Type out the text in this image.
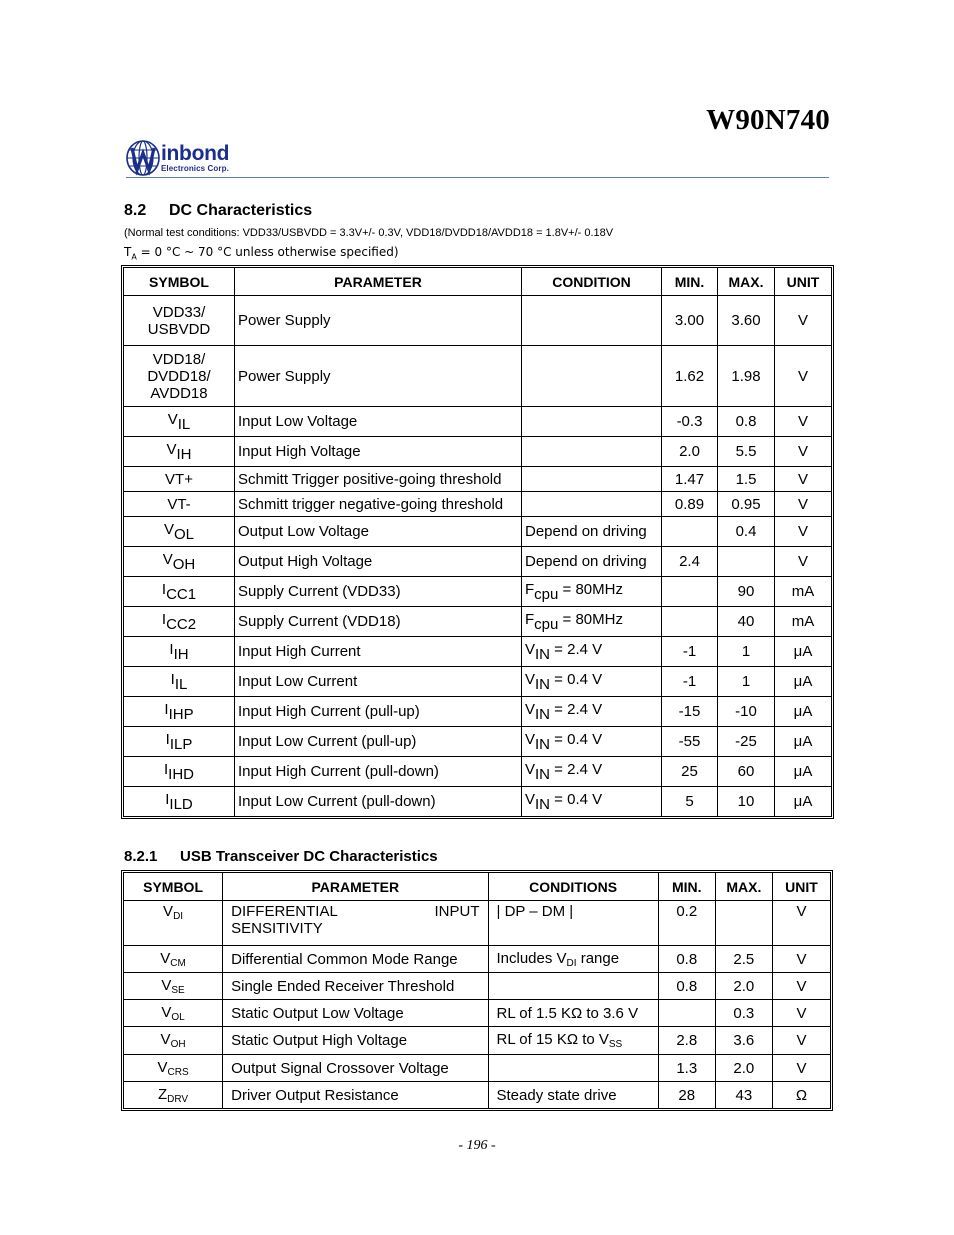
W90N740
inbond
Electronics Corp.
8.2 DC Characteristics
(Normal test conditions: VDD33/USBVDD = 3.3V+/- 0.3V, VDD18/DVDD18/AVDD18 = 1.8V+/- 0.18V
$T_A = 0$ °C ~ 70 °C unless otherwise specified)
SYMBOL	PARAMETER	CONDITION	MIN.	MAX.	UNIT
VDD33/
USBVDD	Power Supply		3.00	3.60	V
VDD18/
DVDD18/
AVDD18	Power Supply		1.62	1.98	V
$V_{IL}$	Input Low Voltage		-0.3	0.8	V
$V_{IH}$	Input High Voltage		2.0	5.5	V
VT+	Schmitt Trigger positive-going threshold		1.47	1.5	V
VT-	Schmitt trigger negative-going threshold		0.89	0.95	V
$V_{OL}$	Output Low Voltage	Depend on driving		0.4	V
$V_{OH}$	Output High Voltage	Depend on driving	2.4		V
$I_{CC1}$	Supply Current (VDD33)	$F_{cpu} = 80MHz$		90	mA
$I_{CC2}$	Supply Current (VDD18)	$F_{cpu} = 80MHz$		40	mA
$I_{IH}$	Input High Current	$V_{IN} = 2.4$ V	-1	1	μA
$I_{IL}$	Input Low Current	$V_{IN} = 0.4$ V	-1	1	μA
$I_{IHP}$	Input High Current (pull-up)	$V_{IN} = 2.4$ V	-15	-10	μA
$I_{ILP}$	Input Low Current (pull-up)	$V_{IN} = 0.4$ V	-55	-25	μA
$I_{IHD}$	Input High Current (pull-down)	$V_{IN} = 2.4$ V	25	60	μA
$I_{ILD}$	Input Low Current (pull-down)	$V_{IN} = 0.4$ V	5	10	μA
8.2.1 USB Transceiver DC Characteristics
SYMBOL	PARAMETER	CONDITIONS	MIN.	MAX.	UNIT
$V_{DI}$	DIFFERENTIAL INPUT SENSITIVITY	| DP – DM |	0.2		V
$V_{CM}$	Differential Common Mode Range	Includes $V_{DI}$ range	0.8	2.5	V
$V_{SE}$	Single Ended Receiver Threshold		0.8	2.0	V
$V_{OL}$	Static Output Low Voltage	RL of 1.5 KΩ to 3.6 V		0.3	V
$V_{OH}$	Static Output High Voltage	RL of 15 KΩ to $V_{SS}$	2.8	3.6	V
$V_{CRS}$	Output Signal Crossover Voltage		1.3	2.0	V
$Z_{DRV}$	Driver Output Resistance	Steady state drive	28	43	Ω
- 196 -
